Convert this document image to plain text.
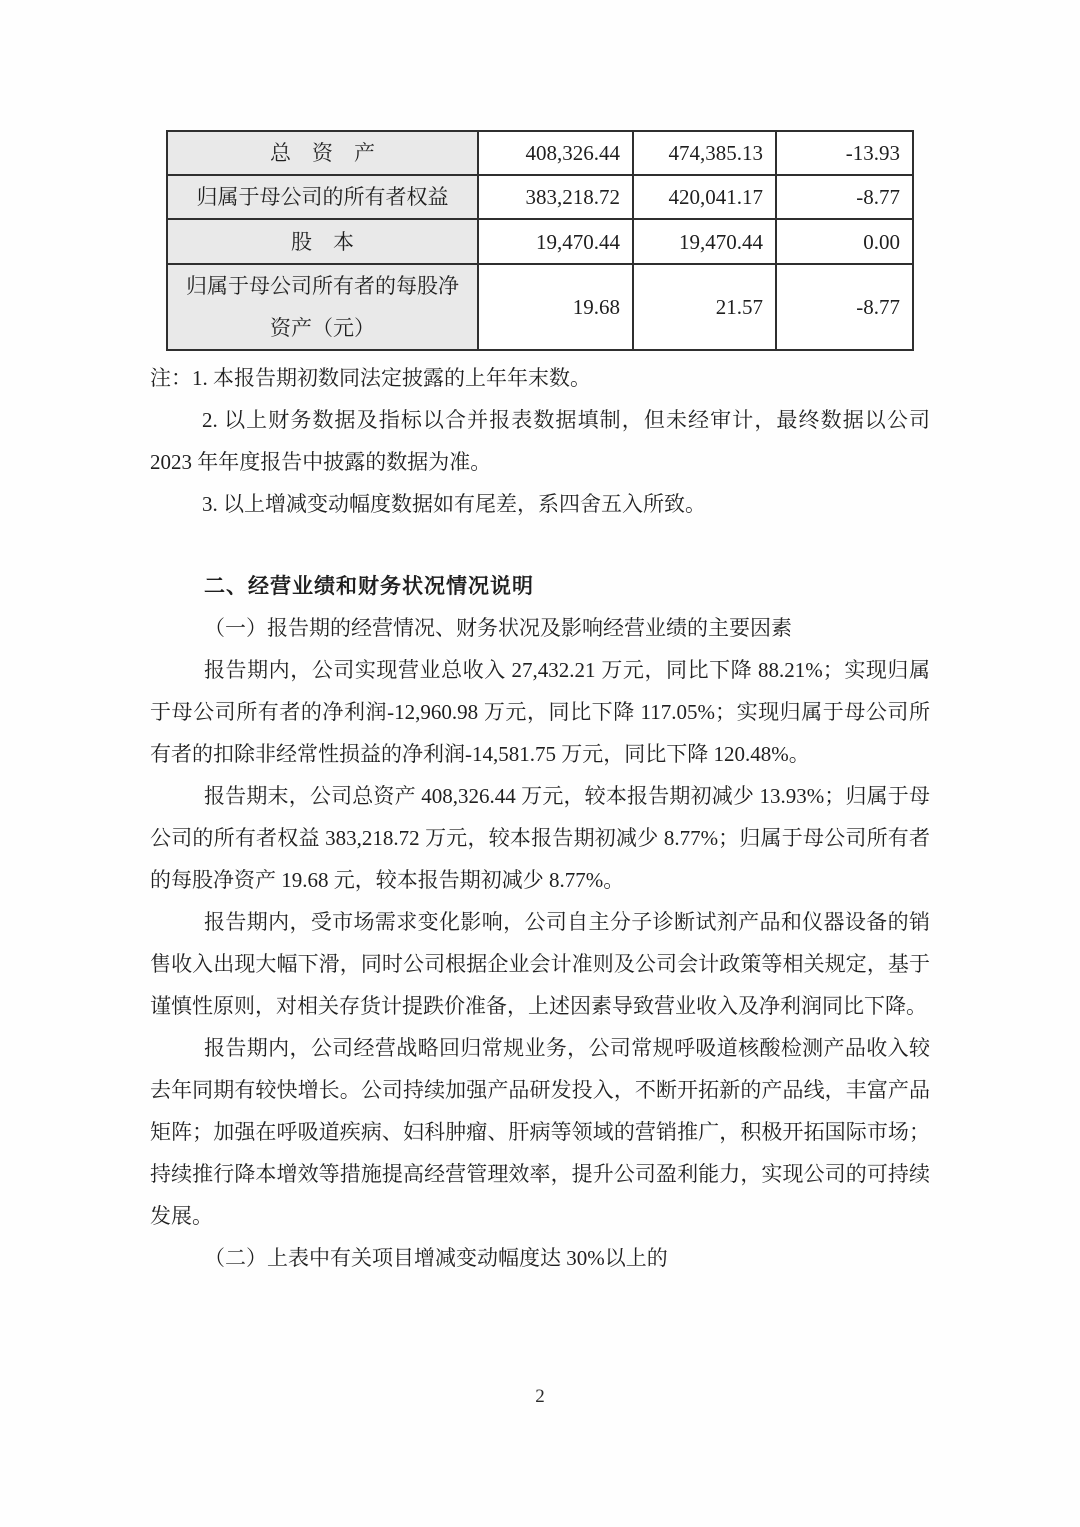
总　资　产	408,326.44	474,385.13	-13.93
归属于母公司的所有者权益	383,218.72	420,041.17	-8.77
股　本	19,470.44	19,470.44	0.00
归属于母公司所有者的每股净资产（元）	19.68	21.57	-8.77
注：1. 本报告期初数同法定披露的上年年末数。
2. 以上财务数据及指标以合并报表数据填制，但未经审计，最终数据以公司 2023 年年度报告中披露的数据为准。
3. 以上增减变动幅度数据如有尾差，系四舍五入所致。
二、经营业绩和财务状况情况说明
（一）报告期的经营情况、财务状况及影响经营业绩的主要因素
报告期内，公司实现营业总收入 27,432.21 万元，同比下降 88.21%；实现归属于母公司所有者的净利润-12,960.98 万元，同比下降 117.05%；实现归属于母公司所有者的扣除非经常性损益的净利润-14,581.75 万元，同比下降 120.48%。
报告期末，公司总资产 408,326.44 万元，较本报告期初减少 13.93%；归属于母公司的所有者权益 383,218.72 万元，较本报告期初减少 8.77%；归属于母公司所有者的每股净资产 19.68 元，较本报告期初减少 8.77%。
报告期内，受市场需求变化影响，公司自主分子诊断试剂产品和仪器设备的销售收入出现大幅下滑，同时公司根据企业会计准则及公司会计政策等相关规定，基于谨慎性原则，对相关存货计提跌价准备，上述因素导致营业收入及净利润同比下降。
报告期内，公司经营战略回归常规业务，公司常规呼吸道核酸检测产品收入较去年同期有较快增长。公司持续加强产品研发投入，不断开拓新的产品线，丰富产品矩阵；加强在呼吸道疾病、妇科肿瘤、肝病等领域的营销推广，积极开拓国际市场；持续推行降本增效等措施提高经营管理效率，提升公司盈利能力，实现公司的可持续发展。
（二）上表中有关项目增减变动幅度达 30%以上的
2
